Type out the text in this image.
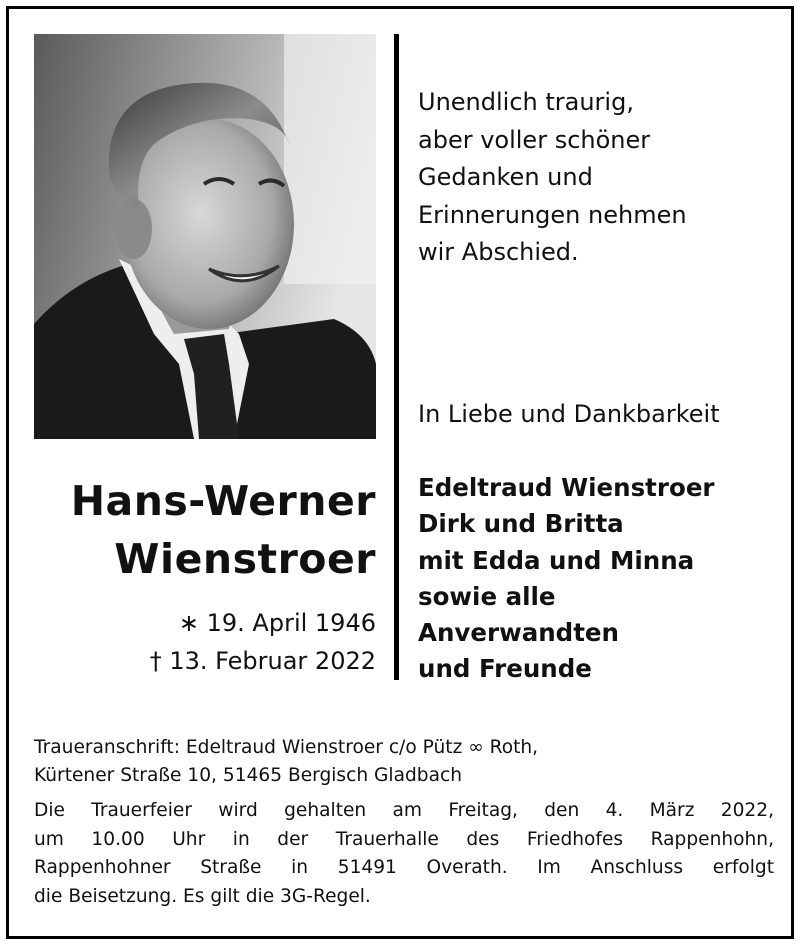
Unendlich traurig,
aber voller schöner
Gedanken und
Erinnerungen nehmen
wir Abschied.
In Liebe und Dankbarkeit
Hans-Werner
Wienstroer
∗ 19. April 1946
† 13. Februar 2022
Edeltraud Wienstroer
Dirk und Britta
mit Edda und Minna
sowie alle
Anverwandten
und Freunde
Traueranschrift: Edeltraud Wienstroer c/o Pütz ∞ Roth,
Kürtener Straße 10, 51465 Bergisch Gladbach
Die Trauerfeier wird gehalten am Freitag, den 4. März 2022,
um 10.00 Uhr in der Trauerhalle des Friedhofes Rappenhohn,
Rappenhohner Straße in 51491 Overath. Im Anschluss erfolgt
die Beisetzung. Es gilt die 3G-Regel.
